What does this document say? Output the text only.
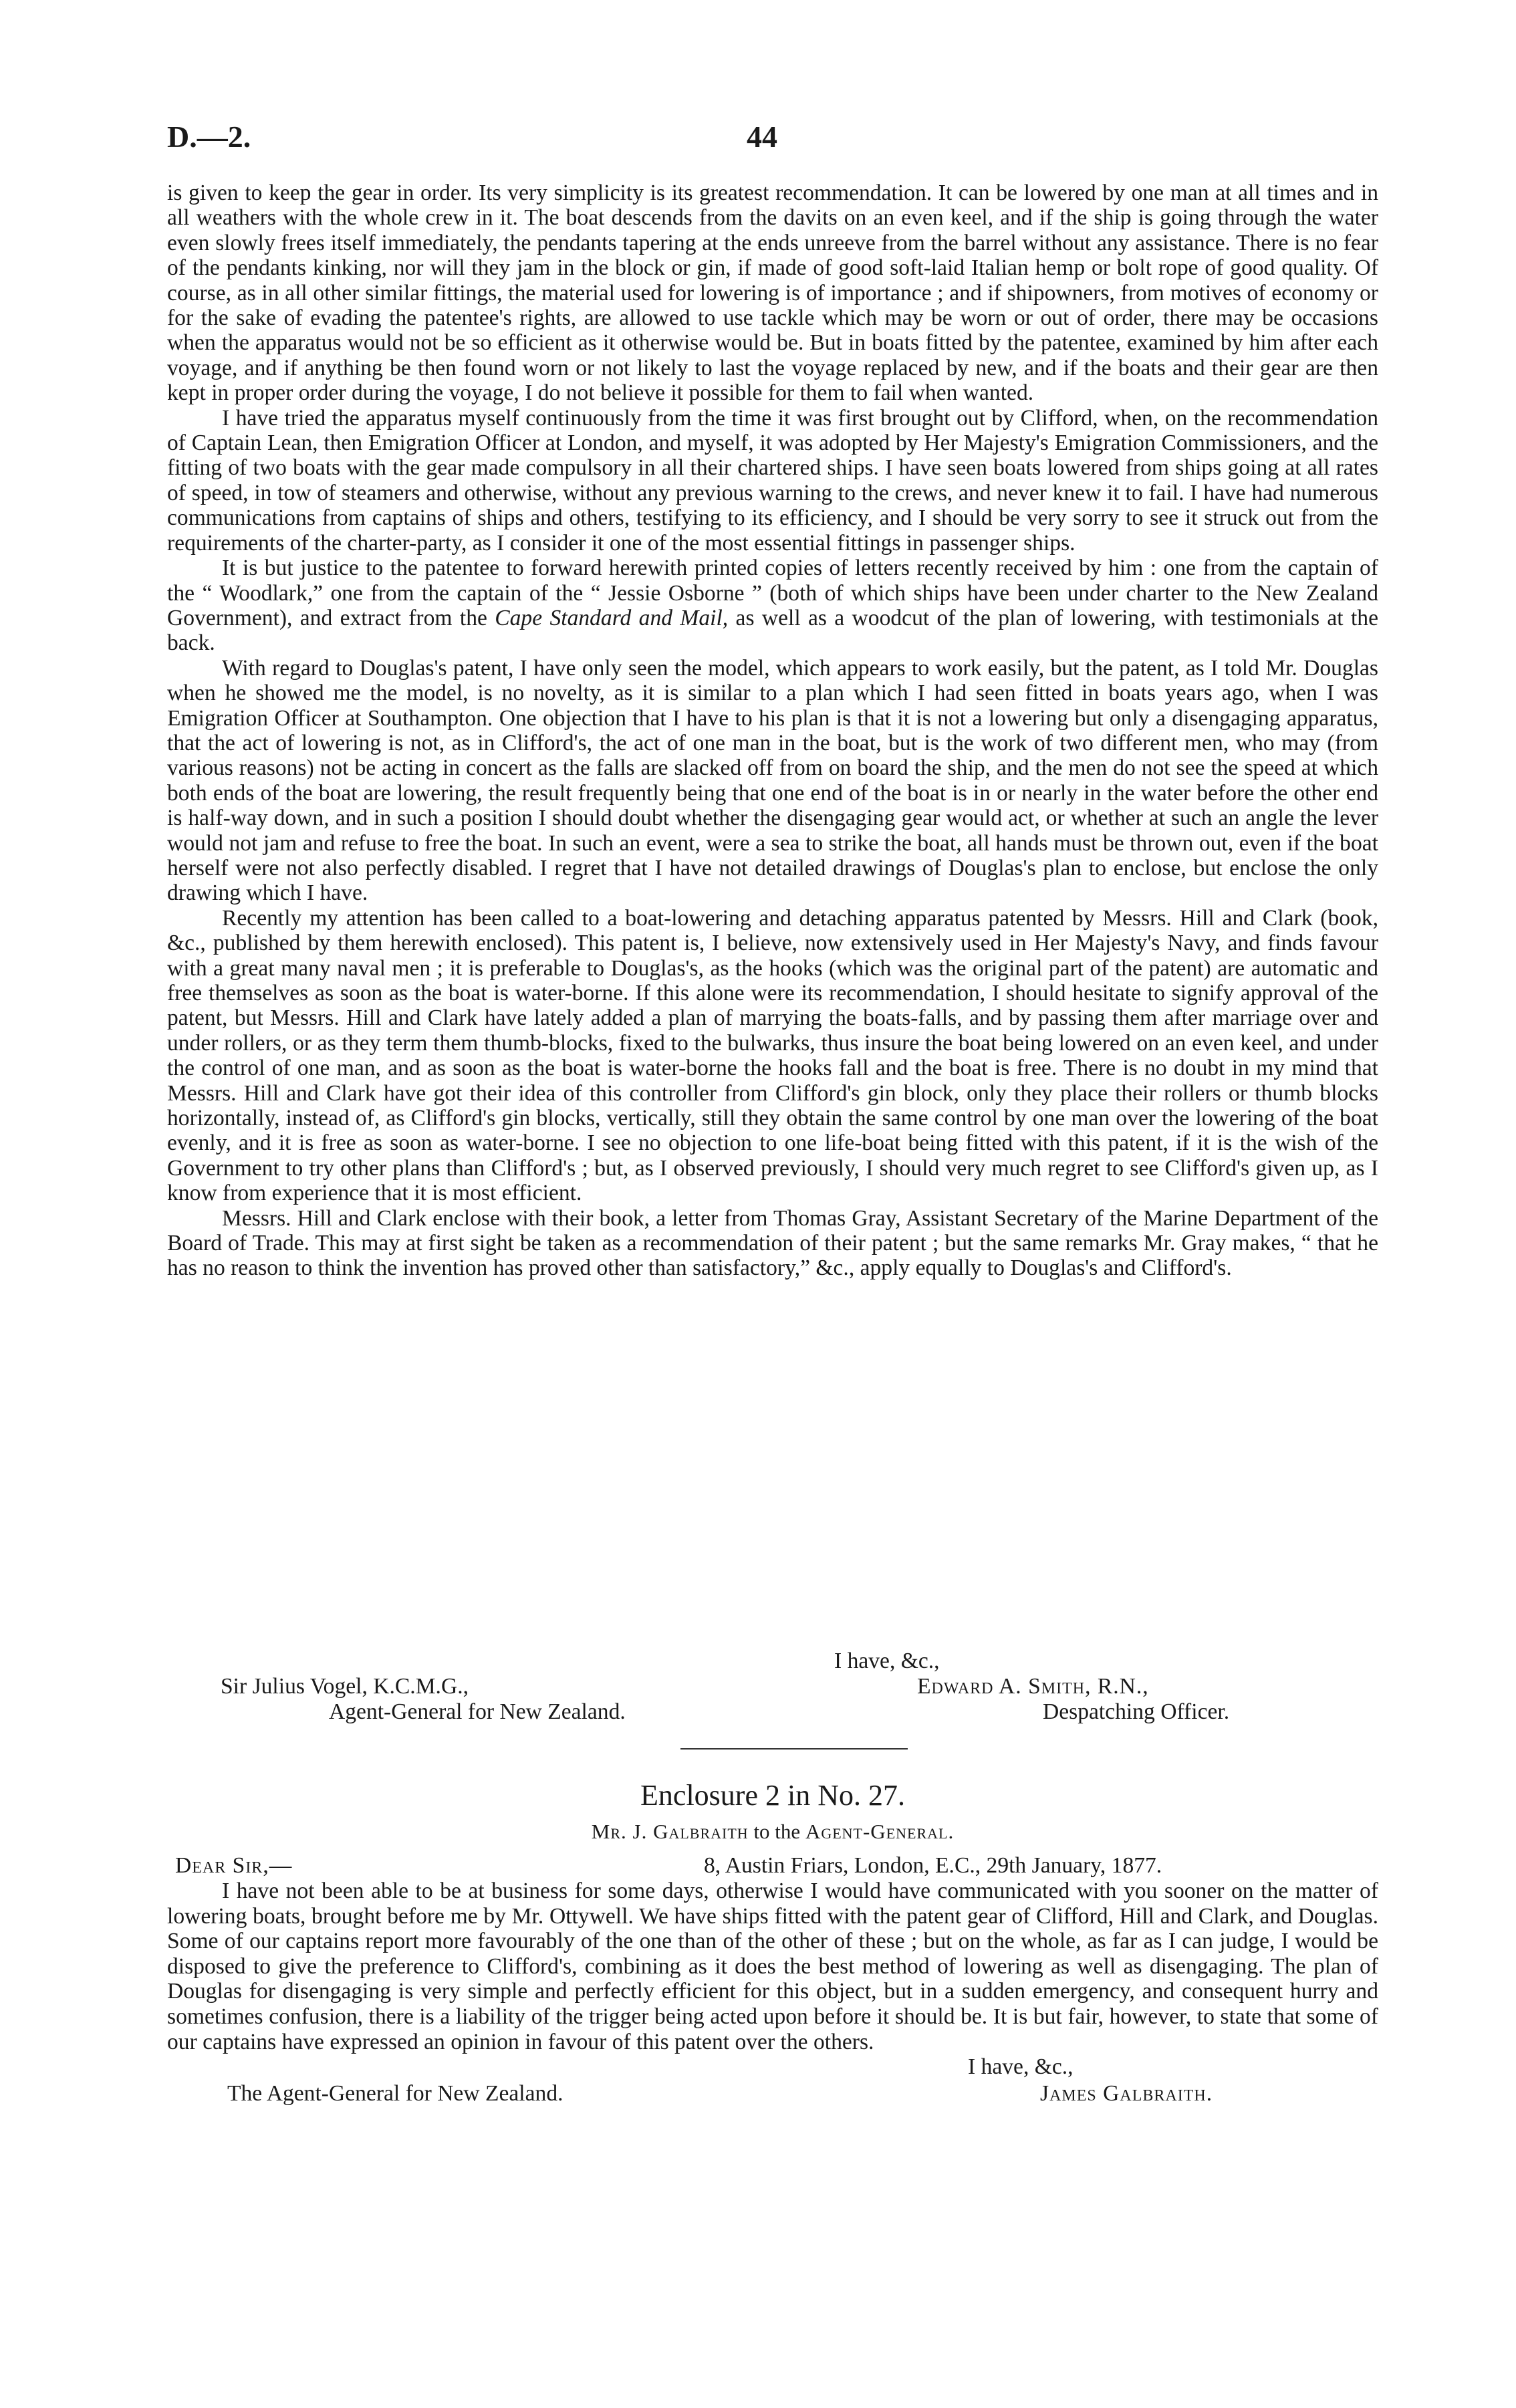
D.—2.	44

is given to keep the gear in order. Its very simplicity is its greatest recommendation. It can be lowered by one man at all times and in all weathers with the whole crew in it. The boat descends from the davits on an even keel, and if the ship is going through the water even slowly frees itself immediately, the pendants tapering at the ends unreeve from the barrel without any assistance. There is no fear of the pendants kinking, nor will they jam in the block or gin, if made of good soft-laid Italian hemp or bolt rope of good quality. Of course, as in all other similar fittings, the material used for lowering is of importance ; and if shipowners, from motives of economy or for the sake of evading the patentee's rights, are allowed to use tackle which may be worn or out of order, there may be occasions when the apparatus would not be so efficient as it otherwise would be. But in boats fitted by the patentee, examined by him after each voyage, and if anything be then found worn or not likely to last the voyage replaced by new, and if the boats and their gear are then kept in proper order during the voyage, I do not believe it possible for them to fail when wanted.

I have tried the apparatus myself continuously from the time it was first brought out by Clifford, when, on the recommendation of Captain Lean, then Emigration Officer at London, and myself, it was adopted by Her Majesty's Emigration Commissioners, and the fitting of two boats with the gear made compulsory in all their chartered ships. I have seen boats lowered from ships going at all rates of speed, in tow of steamers and otherwise, without any previous warning to the crews, and never knew it to fail. I have had numerous communications from captains of ships and others, testifying to its efficiency, and I should be very sorry to see it struck out from the requirements of the charter-party, as I consider it one of the most essential fittings in passenger ships.

It is but justice to the patentee to forward herewith printed copies of letters recently received by him : one from the captain of the “ Woodlark,” one from the captain of the “ Jessie Osborne ” (both of which ships have been under charter to the New Zealand Government), and extract from the Cape Standard and Mail, as well as a woodcut of the plan of lowering, with testimonials at the back.

With regard to Douglas's patent, I have only seen the model, which appears to work easily, but the patent, as I told Mr. Douglas when he showed me the model, is no novelty, as it is similar to a plan which I had seen fitted in boats years ago, when I was Emigration Officer at Southampton. One objection that I have to his plan is that it is not a lowering but only a disengaging apparatus, that the act of lowering is not, as in Clifford's, the act of one man in the boat, but is the work of two different men, who may (from various reasons) not be acting in concert as the falls are slacked off from on board the ship, and the men do not see the speed at which both ends of the boat are lowering, the result frequently being that one end of the boat is in or nearly in the water before the other end is half-way down, and in such a position I should doubt whether the disengaging gear would act, or whether at such an angle the lever would not jam and refuse to free the boat. In such an event, were a sea to strike the boat, all hands must be thrown out, even if the boat herself were not also perfectly disabled. I regret that I have not detailed drawings of Douglas's plan to enclose, but enclose the only drawing which I have.

Recently my attention has been called to a boat-lowering and detaching apparatus patented by Messrs. Hill and Clark (book, &c., published by them herewith enclosed). This patent is, I believe, now extensively used in Her Majesty's Navy, and finds favour with a great many naval men ; it is preferable to Douglas's, as the hooks (which was the original part of the patent) are automatic and free themselves as soon as the boat is water-borne. If this alone were its recommendation, I should hesitate to signify approval of the patent, but Messrs. Hill and Clark have lately added a plan of marrying the boats-falls, and by passing them after marriage over and under rollers, or as they term them thumb-blocks, fixed to the bulwarks, thus insure the boat being lowered on an even keel, and under the control of one man, and as soon as the boat is water-borne the hooks fall and the boat is free. There is no doubt in my mind that Messrs. Hill and Clark have got their idea of this controller from Clifford's gin block, only they place their rollers or thumb blocks horizontally, instead of, as Clifford's gin blocks, vertically, still they obtain the same control by one man over the lowering of the boat evenly, and it is free as soon as water-borne. I see no objection to one life-boat being fitted with this patent, if it is the wish of the Government to try other plans than Clifford's ; but, as I observed previously, I should very much regret to see Clifford's given up, as I know from experience that it is most efficient.

Messrs. Hill and Clark enclose with their book, a letter from Thomas Gray, Assistant Secretary of the Marine Department of the Board of Trade. This may at first sight be taken as a recommendation of their patent ; but the same remarks Mr. Gray makes, “ that he has no reason to think the invention has proved other than satisfactory,” &c., apply equally to Douglas's and Clifford's.

I have, &c.,
Sir Julius Vogel, K.C.M.G.,	Edward A. Smith, R.N.,
Agent-General for New Zealand.	Despatching Officer.
Enclosure 2 in No. 27.
Mr. J. Galbraith to the Agent-General.
Dear Sir,—	8, Austin Friars, London, E.C., 29th January, 1877.

I have not been able to be at business for some days, otherwise I would have communicated with you sooner on the matter of lowering boats, brought before me by Mr. Ottywell. We have ships fitted with the patent gear of Clifford, Hill and Clark, and Douglas. Some of our captains report more favourably of the one than of the other of these ; but on the whole, as far as I can judge, I would be disposed to give the preference to Clifford's, combining as it does the best method of lowering as well as disengaging. The plan of Douglas for disengaging is very simple and perfectly efficient for this object, but in a sudden emergency, and consequent hurry and sometimes confusion, there is a liability of the trigger being acted upon before it should be. It is but fair, however, to state that some of our captains have expressed an opinion in favour of this patent over the others.

I have, &c.,
The Agent-General for New Zealand.	James Galbraith.
